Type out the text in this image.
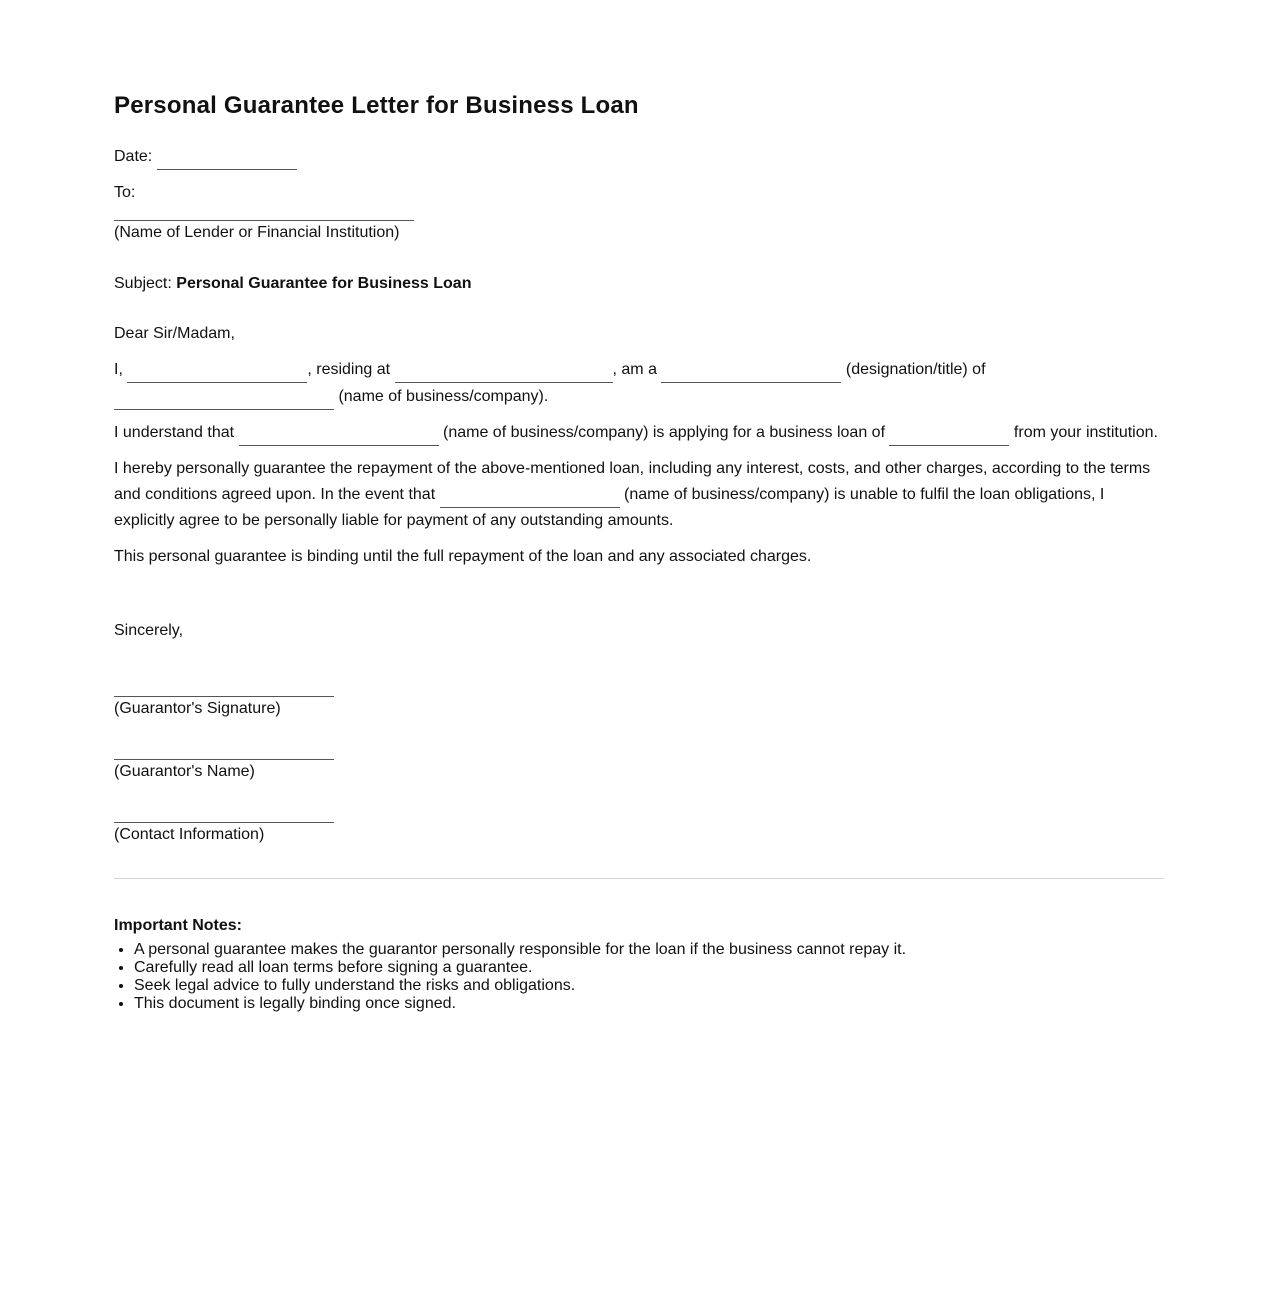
Personal Guarantee Letter for Business Loan
Date:
To:
(Name of Lender or Financial Institution)
Subject: Personal Guarantee for Business Loan
Dear Sir/Madam,

I,	, residing at	, am a	(designation/title) of
(name of business/company).

I understand that	(name of business/company) is applying for a business loan of	from your institution.

I hereby personally guarantee the repayment of the above-mentioned loan, including any interest, costs, and other charges, according to the terms and conditions agreed upon. In the event that	(name of business/company) is unable to fulfil the loan obligations, I explicitly agree to be personally liable for payment of any outstanding amounts.

This personal guarantee is binding until the full repayment of the loan and any associated charges.

Sincerely,
(Guarantor's Signature)
(Guarantor's Name)
(Contact Information)
Important Notes:
• A personal guarantee makes the guarantor personally responsible for the loan if the business cannot repay it.
• Carefully read all loan terms before signing a guarantee.
• Seek legal advice to fully understand the risks and obligations.
• This document is legally binding once signed.
